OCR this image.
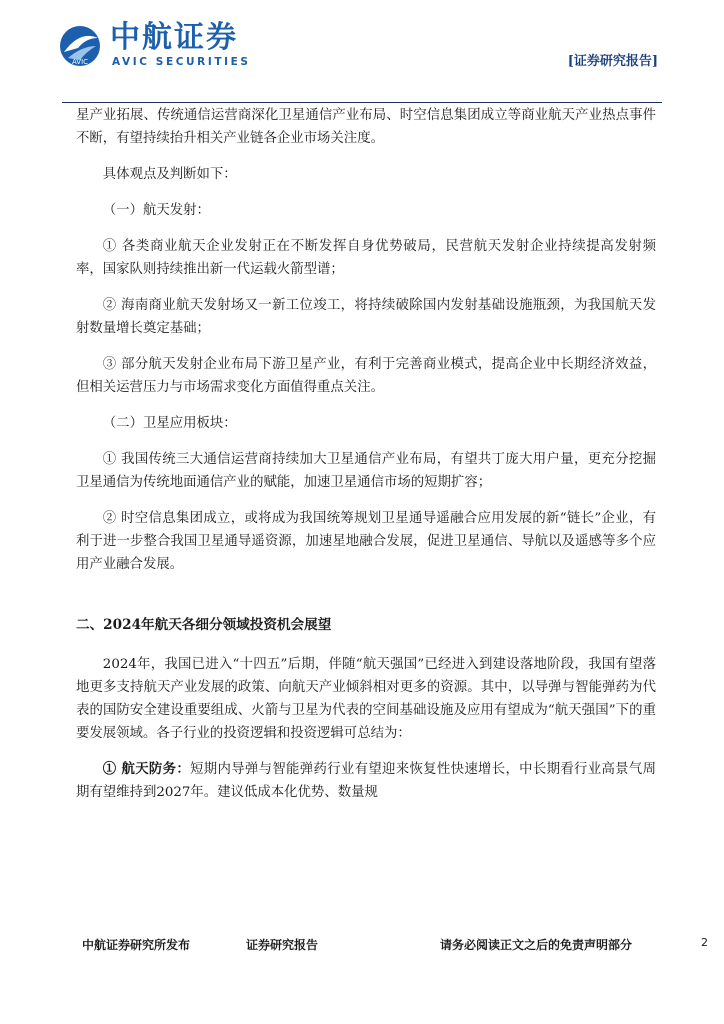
AVIC
中航证券
AVIC SECURITIES	[证券研究报告]

星产业拓展、传统通信运营商深化卫星通信产业布局、时空信息集团成立等商业航天产业热点事件不断，有望持续抬升相关产业链各企业市场关注度。

具体观点及判断如下：

（一）航天发射：

① 各类商业航天企业发射正在不断发挥自身优势破局，民营航天发射企业持续提高发射频率，国家队则持续推出新一代运载火箭型谱；

② 海南商业航天发射场又一新工位竣工，将持续破除国内发射基础设施瓶颈，为我国航天发射数量增长奠定基础；

③ 部分航天发射企业布局下游卫星产业，有利于完善商业模式，提高企业中长期经济效益，但相关运营压力与市场需求变化方面值得重点关注。

（二）卫星应用板块：

① 我国传统三大通信运营商持续加大卫星通信产业布局，有望共丁庞大用户量，更充分挖掘卫星通信为传统地面通信产业的赋能，加速卫星通信市场的短期扩容；

② 时空信息集团成立，或将成为我国统筹规划卫星通导遥融合应用发展的新“链长”企业，有利于进一步整合我国卫星通导遥资源，加速星地融合发展，促进卫星通信、导航以及遥感等多个应用产业融合发展。

二、2024年航天各细分领域投资机会展望

2024年，我国已进入“十四五”后期，伴随“航天强国”已经进入到建设落地阶段，我国有望落地更多支持航天产业发展的政策、向航天产业倾斜相对更多的资源。其中，以导弹与智能弹药为代表的国防安全建设重要组成、火箭与卫星为代表的空间基础设施及应用有望成为“航天强国”下的重要发展领域。各子行业的投资逻辑和投资逻辑可总结为：

① 航天防务：短期内导弹与智能弹药行业有望迎来恢复性快速增长，中长期看行业高景气周期有望维持到2027年。建议低成本化优势、数量规

中航证券研究所发布	证券研究报告	请务必阅读正文之后的免责声明部分	2
